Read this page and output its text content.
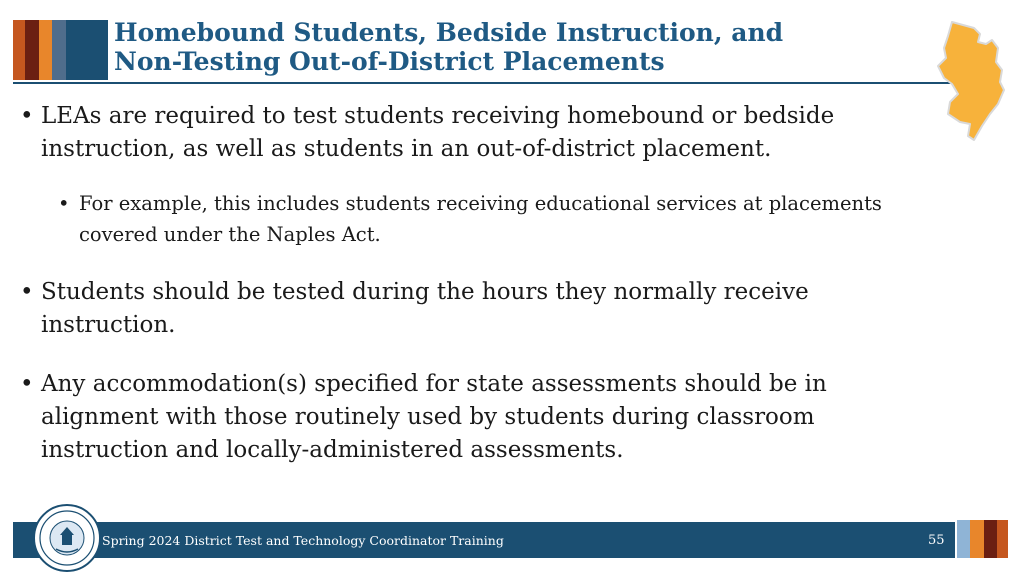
Homebound Students, Bedside Instruction, and
Non-Testing Out-of-District Placements
• LEAs are required to test students receiving homebound or bedside instruction, as well as students in an out-of-district placement.
• For example, this includes students receiving educational services at placements covered under the Naples Act.
• Students should be tested during the hours they normally receive instruction.
• Any accommodation(s) specified for state assessments should be in alignment with those routinely used by students during classroom instruction and locally-administered assessments.
Spring 2024 District Test and Technology Coordinator Training	55
